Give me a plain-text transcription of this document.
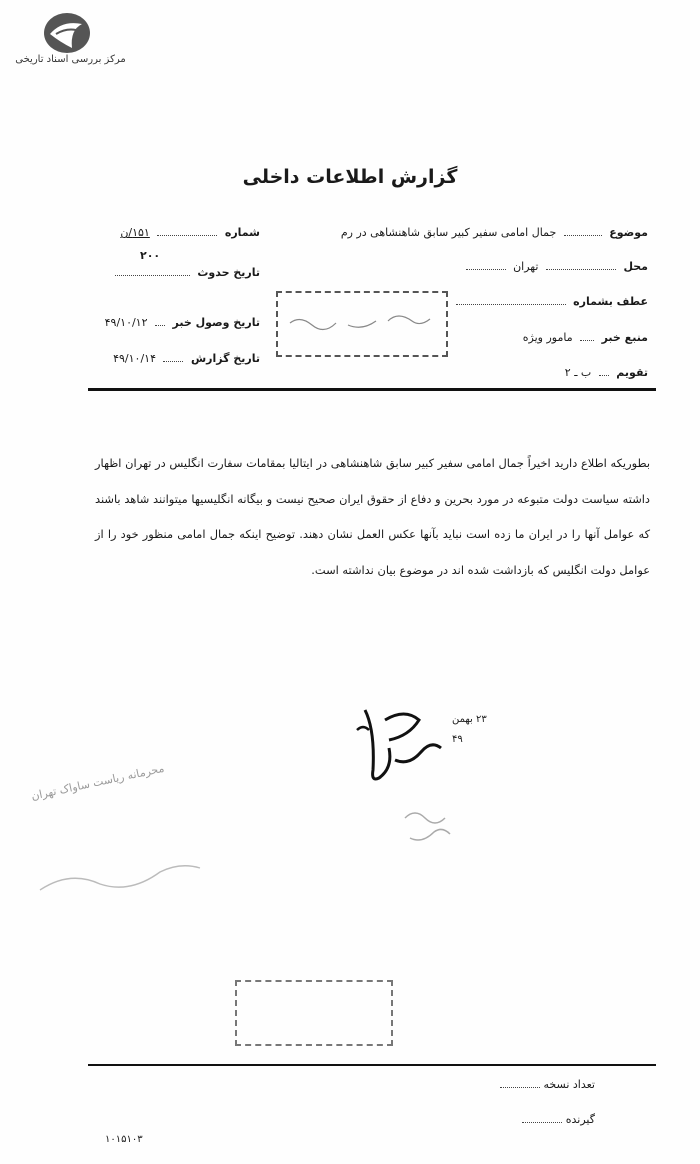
مرکز بررسی اسناد تاریخی
گزارش اطلاعات داخلی
موضوع  جمال امامی سفیر کبیر سابق شاهنشاهی در رم
محل  تهران
عطف بشماره
منبع خبر  مامور ویژه
تقویم  ب ـ ۲
شماره  ۱۵۱/ن
۲۰۰
تاریخ حدوث
تاریخ وصول خبر  ۴۹/۱۰/۱۲
تاریخ گزارش  ۴۹/۱۰/۱۴
بطوریکه اطلاع دارید اخیراً جمال امامی سفیر کبیر سابق شاهنشاهی در ایتالیا بمقامات سفارت انگلیس در تهران اظهار داشته سیاست دولت متبوعه در مورد بحرین و دفاع از حقوق ایران صحیح نیست و بیگانه انگلیسیها میتوانند شاهد باشند که عوامل آنها را در ایران ما زده است نباید بآنها عکس العمل نشان دهند. توضیح اینکه جمال امامی منظور خود را از عوامل دولت انگلیس که بازداشت شده اند در موضوع بیان نداشته است.
۲۳ بهمن
۴۹
محرمانه ریاست ساواک تهران
تعداد نسخه
گیرنده
۱۰۱۵۱۰۳
